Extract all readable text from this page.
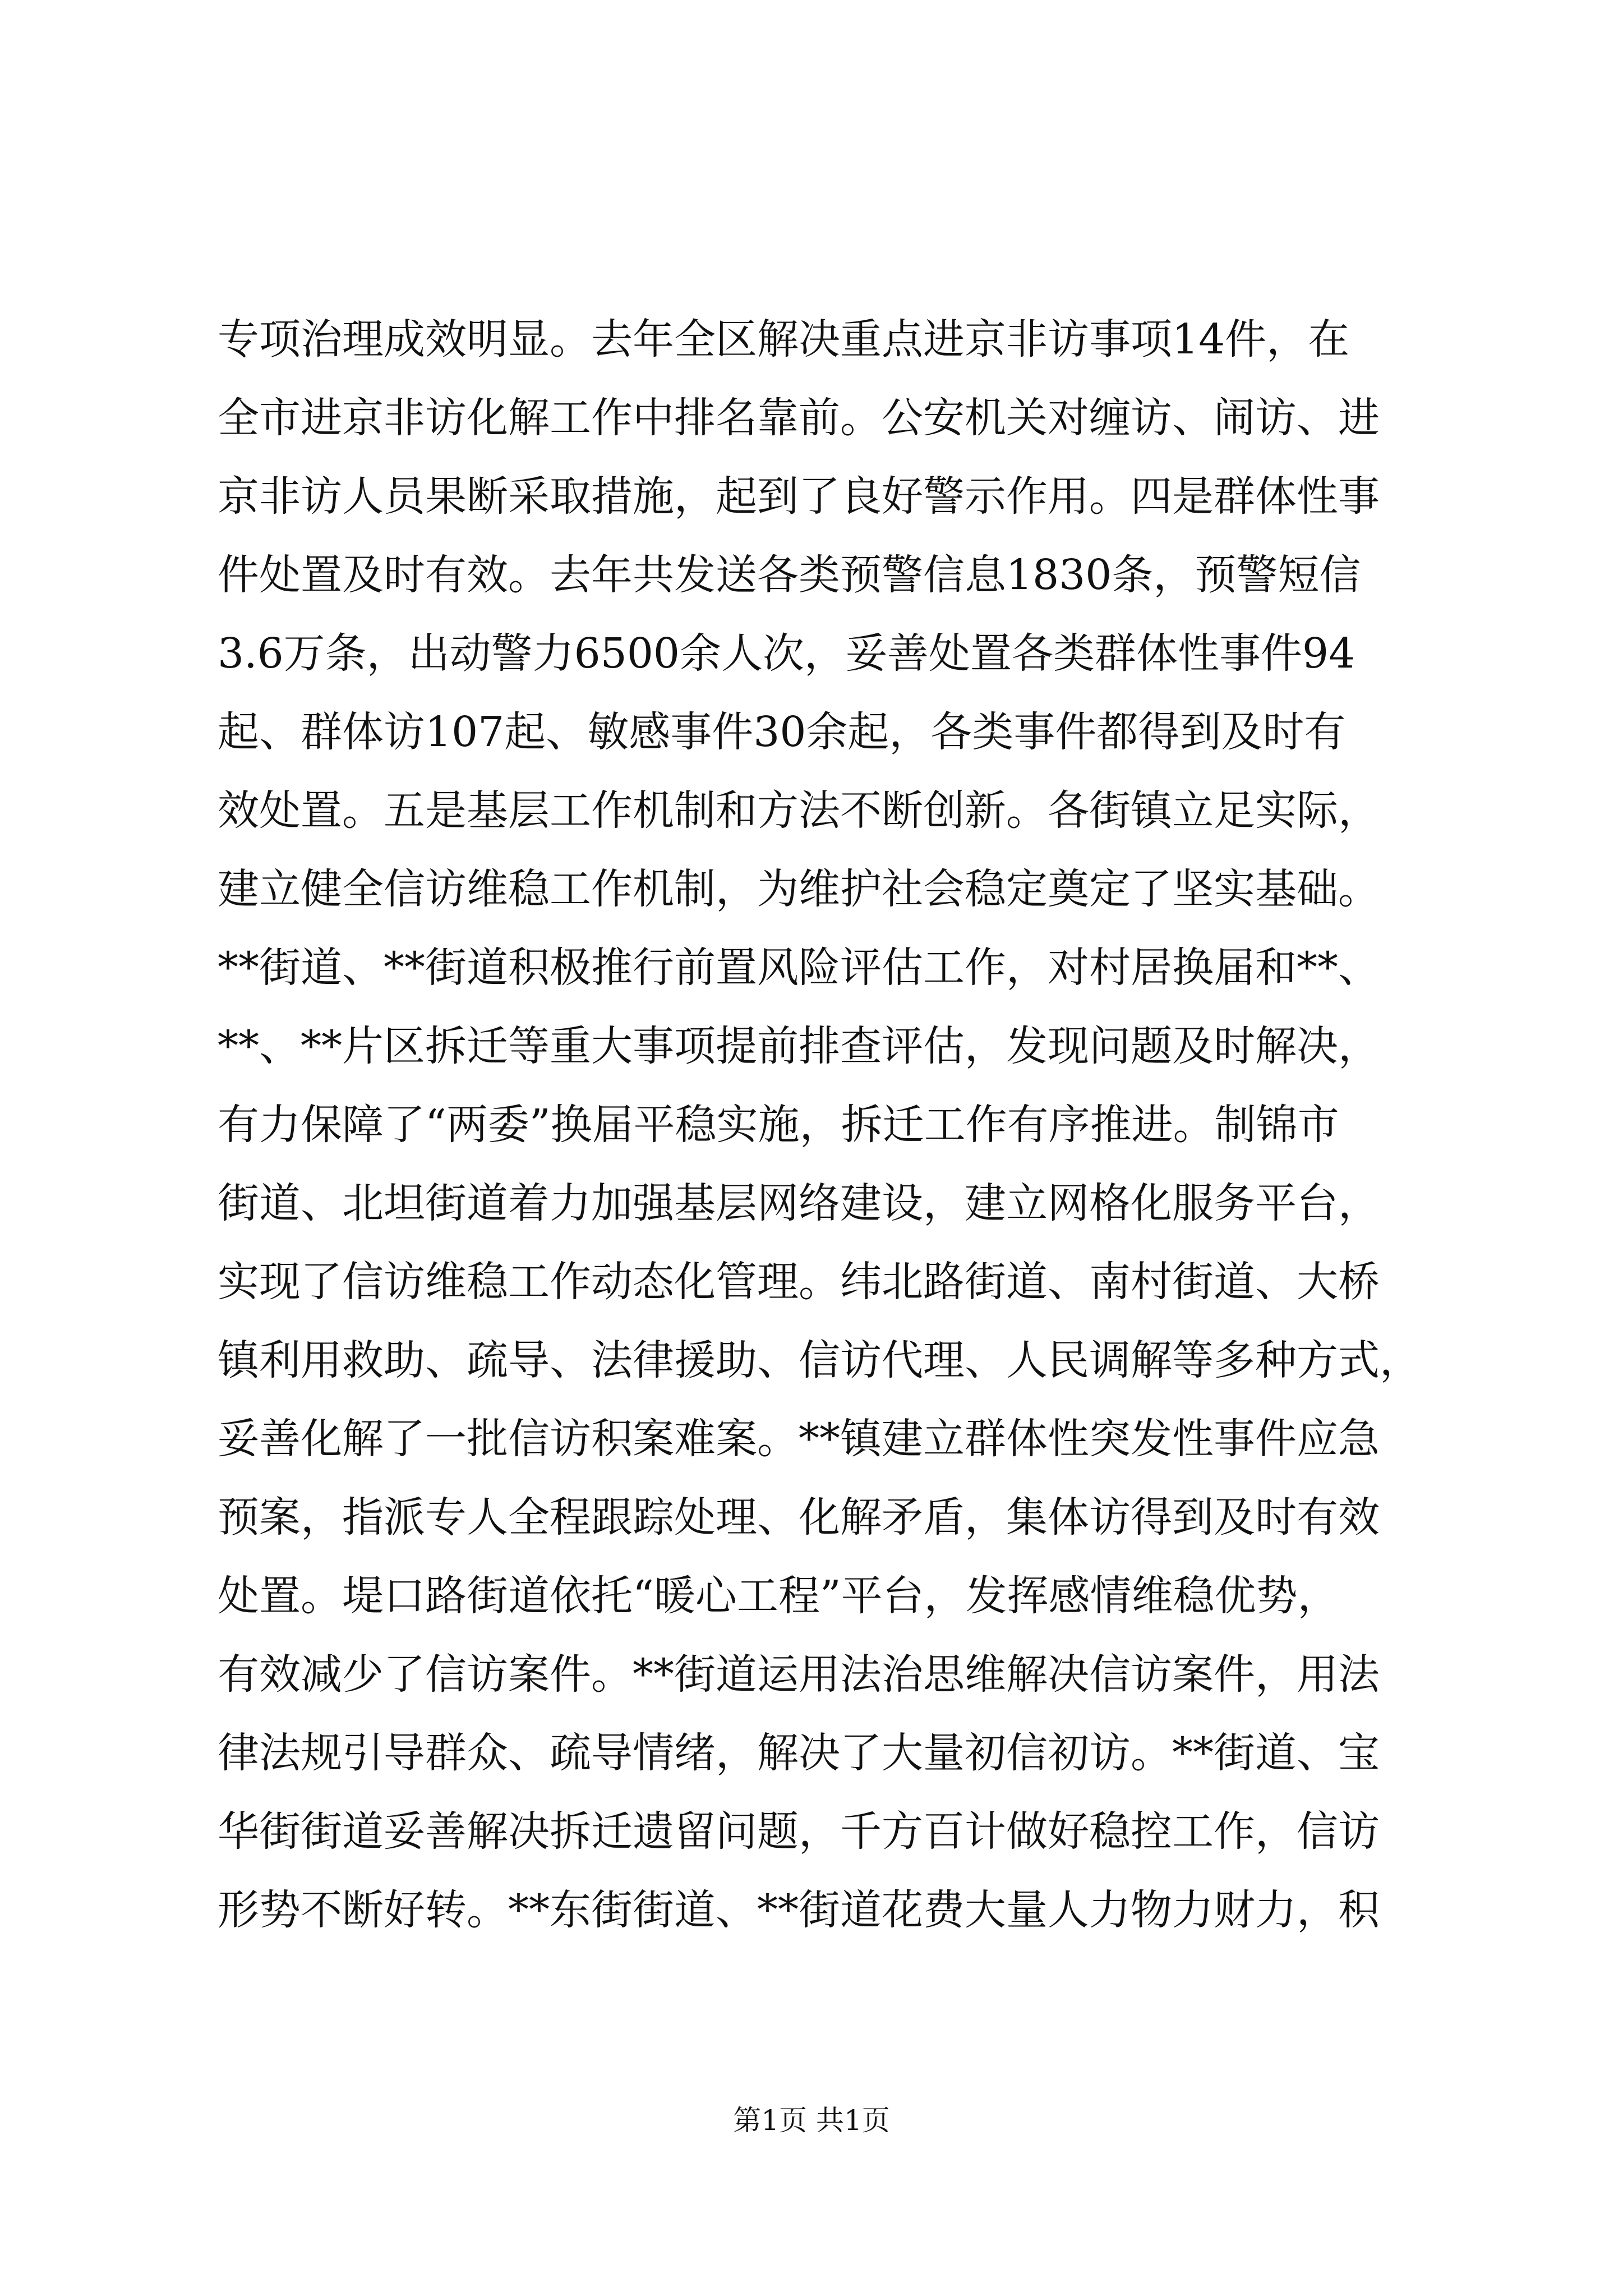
专项治理成效明显。去年全区解决重点进京非访事项14件，在
全市进京非访化解工作中排名靠前。公安机关对缠访、闹访、进
京非访人员果断采取措施，起到了良好警示作用。四是群体性事
件处置及时有效。去年共发送各类预警信息1830条，预警短信
3.6万条，出动警力6500余人次，妥善处置各类群体性事件94
起、群体访107起、敏感事件30余起，各类事件都得到及时有
效处置。五是基层工作机制和方法不断创新。各街镇立足实际，
建立健全信访维稳工作机制，为维护社会稳定奠定了坚实基础。
**街道、**街道积极推行前置风险评估工作，对村居换届和**、
**、**片区拆迁等重大事项提前排查评估，发现问题及时解决，
有力保障了“两委”换届平稳实施，拆迁工作有序推进。制锦市
街道、北坦街道着力加强基层网络建设，建立网格化服务平台，
实现了信访维稳工作动态化管理。纬北路街道、南村街道、大桥
镇利用救助、疏导、法律援助、信访代理、人民调解等多种方式，
妥善化解了一批信访积案难案。**镇建立群体性突发性事件应急
预案，指派专人全程跟踪处理、化解矛盾，集体访得到及时有效
处置。堤口路街道依托“暖心工程”平台，发挥感情维稳优势，
有效减少了信访案件。**街道运用法治思维解决信访案件，用法
律法规引导群众、疏导情绪，解决了大量初信初访。**街道、宝
华街街道妥善解决拆迁遗留问题，千方百计做好稳控工作，信访
形势不断好转。**东街街道、**街道花费大量人力物力财力，积
第1页 共1页
